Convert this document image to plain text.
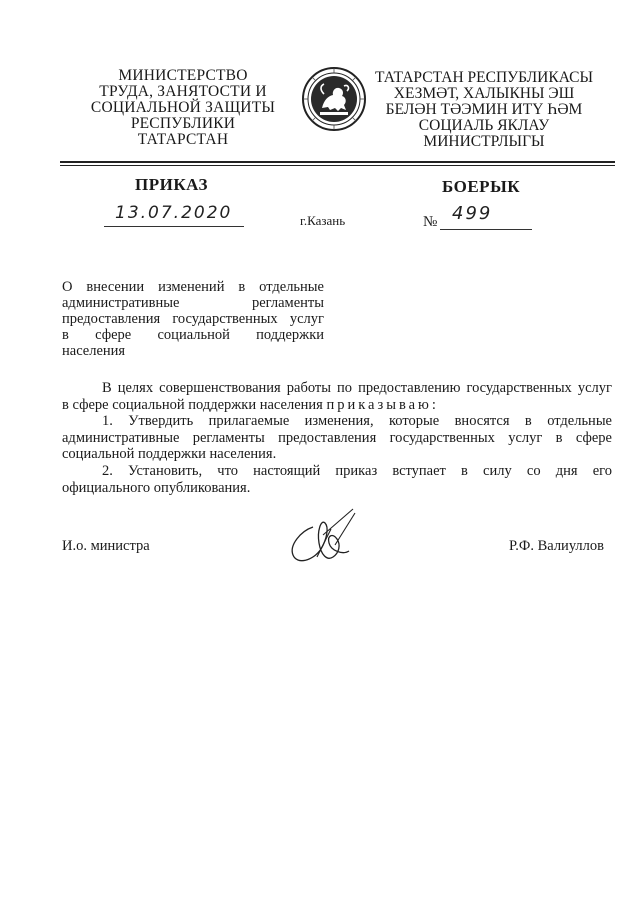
МИНИСТЕРСТВО
ТРУДА, ЗАНЯТОСТИ И
СОЦИАЛЬНОЙ ЗАЩИТЫ
РЕСПУБЛИКИ
ТАТАРСТАН
ТАТАРСТАН РЕСПУБЛИКАСЫ
ХЕЗМӘТ, ХАЛЫКНЫ ЭШ
БЕЛӘН ТӘЭМИН ИТҮ ҺӘМ
СОЦИАЛЬ ЯКЛАУ
МИНИСТРЛЫГЫ
ПРИКАЗ	БОЕРЫК
13.07.2020	г.Казань	№ 499
О внесении изменений в отдельные
административные регламенты
предоставления государственных услуг
в сфере социальной поддержки
населения
В целях совершенствования работы по предоставлению государственных услуг
в сфере социальной поддержки населения приказываю:
1. Утвердить прилагаемые изменения, которые вносятся в отдельные
административные регламенты предоставления государственных услуг в сфере
социальной поддержки населения.
2. Установить, что настоящий приказ вступает в силу со дня его
официального опубликования.
И.о. министра	Р.Ф. Валиуллов
